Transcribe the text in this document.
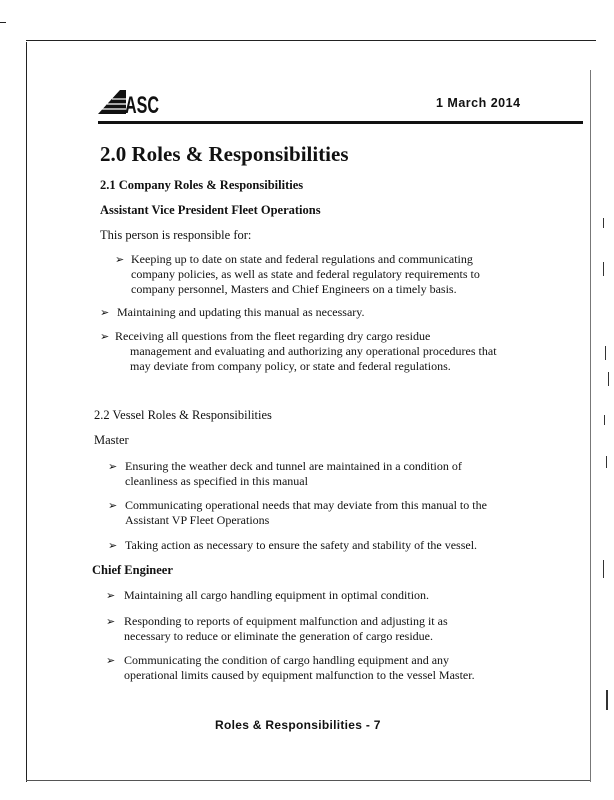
ASC	1 March 2014
2.0 Roles & Responsibilities
2.1 Company Roles & Responsibilities
Assistant Vice President Fleet Operations
This person is responsible for:
➢ Keeping up to date on state and federal regulations and communicating
company policies, as well as state and federal regulatory requirements to
company personnel, Masters and Chief Engineers on a timely basis.
➢ Maintaining and updating this manual as necessary.
➢ Receiving all questions from the fleet regarding dry cargo residue
management and evaluating and authorizing any operational procedures that
may deviate from company policy, or state and federal regulations.
2.2 Vessel Roles & Responsibilities
Master
➢ Ensuring the weather deck and tunnel are maintained in a condition of
cleanliness as specified in this manual
➢ Communicating operational needs that may deviate from this manual to the
Assistant VP Fleet Operations
➢ Taking action as necessary to ensure the safety and stability of the vessel.
Chief Engineer
➢ Maintaining all cargo handling equipment in optimal condition.
➢ Responding to reports of equipment malfunction and adjusting it as
necessary to reduce or eliminate the generation of cargo residue.
➢ Communicating the condition of cargo handling equipment and any
operational limits caused by equipment malfunction to the vessel Master.
Roles & Responsibilities - 7
